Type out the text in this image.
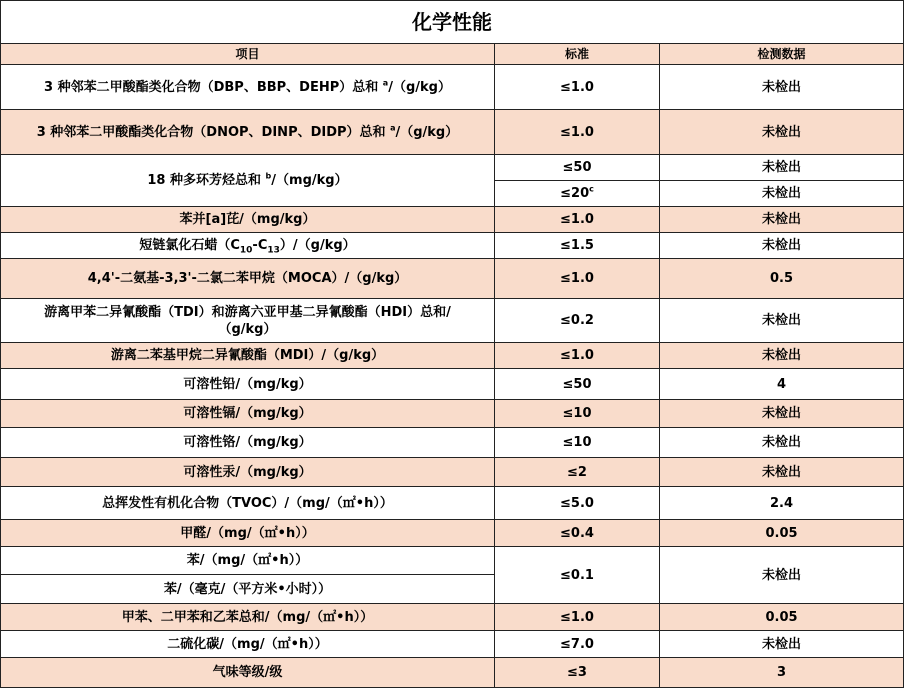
化学性能		
项目	标准	检测数据
3 种邻苯二甲酸酯类化合物（DBP、BBP、DEHP）总和 $^a$/（g/kg）	≤1.0	未检出
3 种邻苯二甲酸酯类化合物（DNOP、DINP、DIDP）总和 $^a$/（g/kg）	≤1.0	未检出
18 种多环芳烃总和 $^b$/（mg/kg）	≤50	未检出
	$\le 20^c$	未检出
苯并[a]芘/（mg/kg）	≤1.0	未检出
短链氯化石蜡$(C_{10}-C_{13})/(g/kg)$	≤1.5	未检出
4,4'-二氨基-3,3'-二氯二苯甲烷（MOCA）/（g/kg）	≤1.0	0.5
游离甲苯二异氰酸酯（TDI）和游离六亚甲基二异氰酸酯（HDI）总和/
（g/kg）	≤0.2	未检出
游离二苯基甲烷二异氰酸酯（MDI）/（g/kg）	≤1.0	未检出
可溶性铅/（mg/kg）	≤50	4
可溶性镉/（mg/kg）	≤10	未检出
可溶性铬/（mg/kg）	≤10	未检出
可溶性汞/（mg/kg）	≤2	未检出
总挥发性有机化合物（TVOC）/（mg/（㎡•h））	≤5.0	2.4
甲醛/（mg/（㎡•h））	≤0.4	0.05
苯/（mg/（㎡•h））	≤0.1	未检出
苯/（毫克/（平方米•小时））		
甲苯、二甲苯和乙苯总和/（mg/（㎡•h））	≤1.0	0.05
二硫化碳/（mg/（㎡•h））	≤7.0	未检出
气味等级/级	≤3	3
